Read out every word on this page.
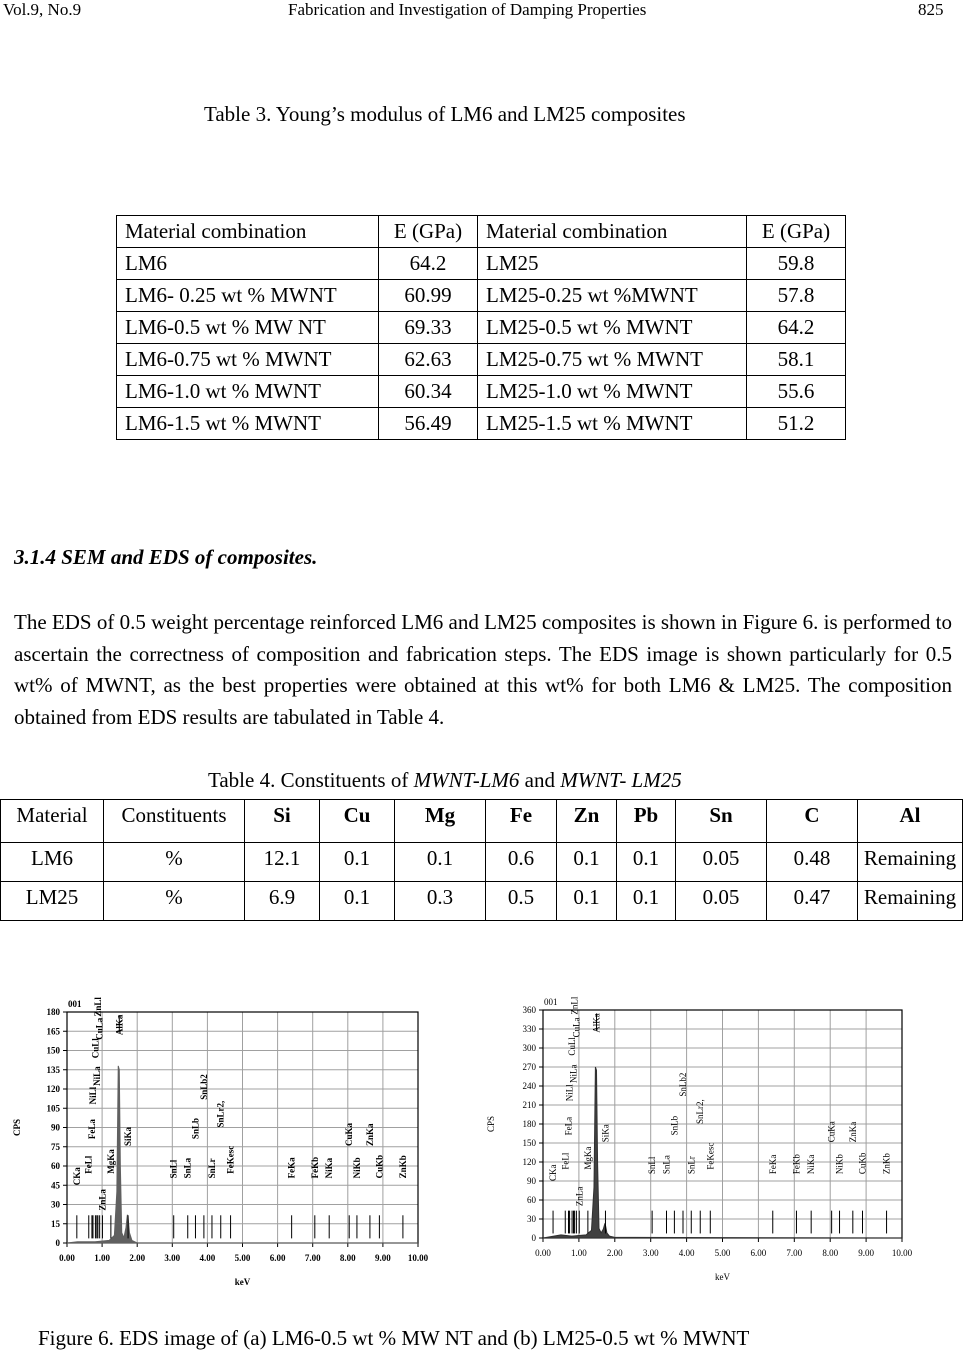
Vol.9, No.9	Fabrication and Investigation of Damping Properties	825
Table 3. Young’s modulus of LM6 and LM25 composites
Material combination	E (GPa)	Material combination	E (GPa)
LM6	64.2	LM25	59.8
LM6- 0.25 wt % MWNT	60.99	LM25-0.25 wt %MWNT	57.8
LM6-0.5 wt % MW NT	69.33	LM25-0.5 wt % MWNT	64.2
LM6-0.75 wt % MWNT	62.63	LM25-0.75 wt % MWNT	58.1
LM6-1.0 wt % MWNT	60.34	LM25-1.0 wt % MWNT	55.6
LM6-1.5 wt % MWNT	56.49	LM25-1.5 wt % MWNT	51.2
3.1.4 SEM and EDS of composites.

The EDS of 0.5 weight percentage reinforced LM6 and LM25 composites is shown in Figure 6. is performed to ascertain the correctness of composition and fabrication steps. The EDS image is shown particularly for 0.5 wt% of MWNT, as the best properties were obtained at this wt% for both LM6 & LM25. The composition obtained from EDS results are tabulated in Table 4.

Table 4. Constituents of MWNT-LM6 and MWNT- LM25
Material	Constituents	Si	Cu	Mg	Fe	Zn	Pb	Sn	C	Al
LM6	%	12.1	0.1	0.1	0.6	0.1	0.1	0.05	0.48	Remaining
LM25	%	6.9	0.1	0.3	0.5	0.1	0.1	0.05	0.47	Remaining
0.00 1.00 2.00 3.00 4.00 5.00 6.00 7.00 8.00 9.00 10.00
0
15
30
45
60
75
90
105
120
135
150
165
180
001
keV
CPS
CKa
FeLl
FeLa
NiLl
NiLa
CuLl
CuLa
ZnLl
ZnLa
MgKa
AlKa
SiKa
SnLl SnLa
SnLb
SnLb2
SnLr
SnLr2,
FeKesc	FeKa FeKb NiKa
CuKa
NiKb
ZnKa
CuKb ZnKb
0.00 1.00 2.00 3.00 4.00 5.00 6.00 7.00 8.00 9.00 10.00
0
30
60
90
120
150
180
210
240
270
300
330
360
001
keV
CPS
CKa
FeLl
FeLa
NiLl
NiLa
CuLl
CuLa
ZnLl
ZnLa
MgKa
AlKa
SiKa
SnLl SnLa
SnLb
SnLb2
SnLr
SnLr2,
FeKesc	FeKa FeKb NiKa
CuKa
NiKb
ZnKa
CuKb ZnKb
Figure 6. EDS image of (a) LM6-0.5 wt % MW NT and (b) LM25-0.5 wt % MWNT
